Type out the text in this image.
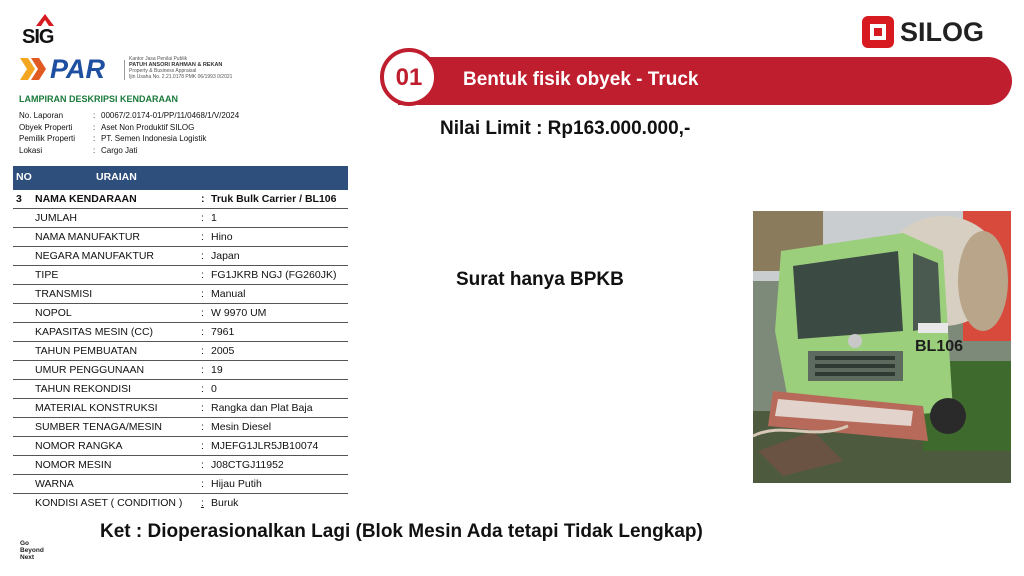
SIG	SILOG
PAR	Kantor Jasa Penilai Publik
PATUH ANSORI RAHMAN & REKAN
Property & Business Appraisal
Ijin Usaha No. 2.21.0178 PMK 06/1993 0/2021
LAMPIRAN DESKRIPSI KENDARAAN
No. Laporan	: 00067/2.0174-01/PP/11/0468/1/V/2024
Obyek Properti	: Aset Non Produktif SILOG
Pemilik Properti	: PT. Semen Indonesia Logistik
Lokasi	: Cargo Jati
NO	URAIAN
3 NAMA KENDARAAN	: Truk Bulk Carrier / BL106
JUMLAH	: 1
NAMA MANUFAKTUR	: Hino
NEGARA MANUFAKTUR	: Japan
TIPE	: FG1JKRB NGJ (FG260JK)
TRANSMISI	: Manual
NOPOL	: W 9970 UM
KAPASITAS MESIN (CC)	: 7961
TAHUN PEMBUATAN	: 2005
UMUR PENGGUNAAN	: 19
TAHUN REKONDISI	: 0
MATERIAL KONSTRUKSI	: Rangka dan Plat Baja
SUMBER TENAGA/MESIN	: Mesin Diesel
NOMOR RANGKA	: MJEFG1JLR5JB10074
NOMOR MESIN	: J08CTGJ11952
WARNA	: Hijau Putih
KONDISI ASET ( CONDITION ) : Buruk
01	Bentuk fisik obyek - Truck
Nilai Limit : Rp163.000.000,-
Surat hanya BPKB
Ket : Dioperasionalkan Lagi (Blok Mesin Ada tetapi Tidak Lengkap)
Go
Beyond
Next
BL106
